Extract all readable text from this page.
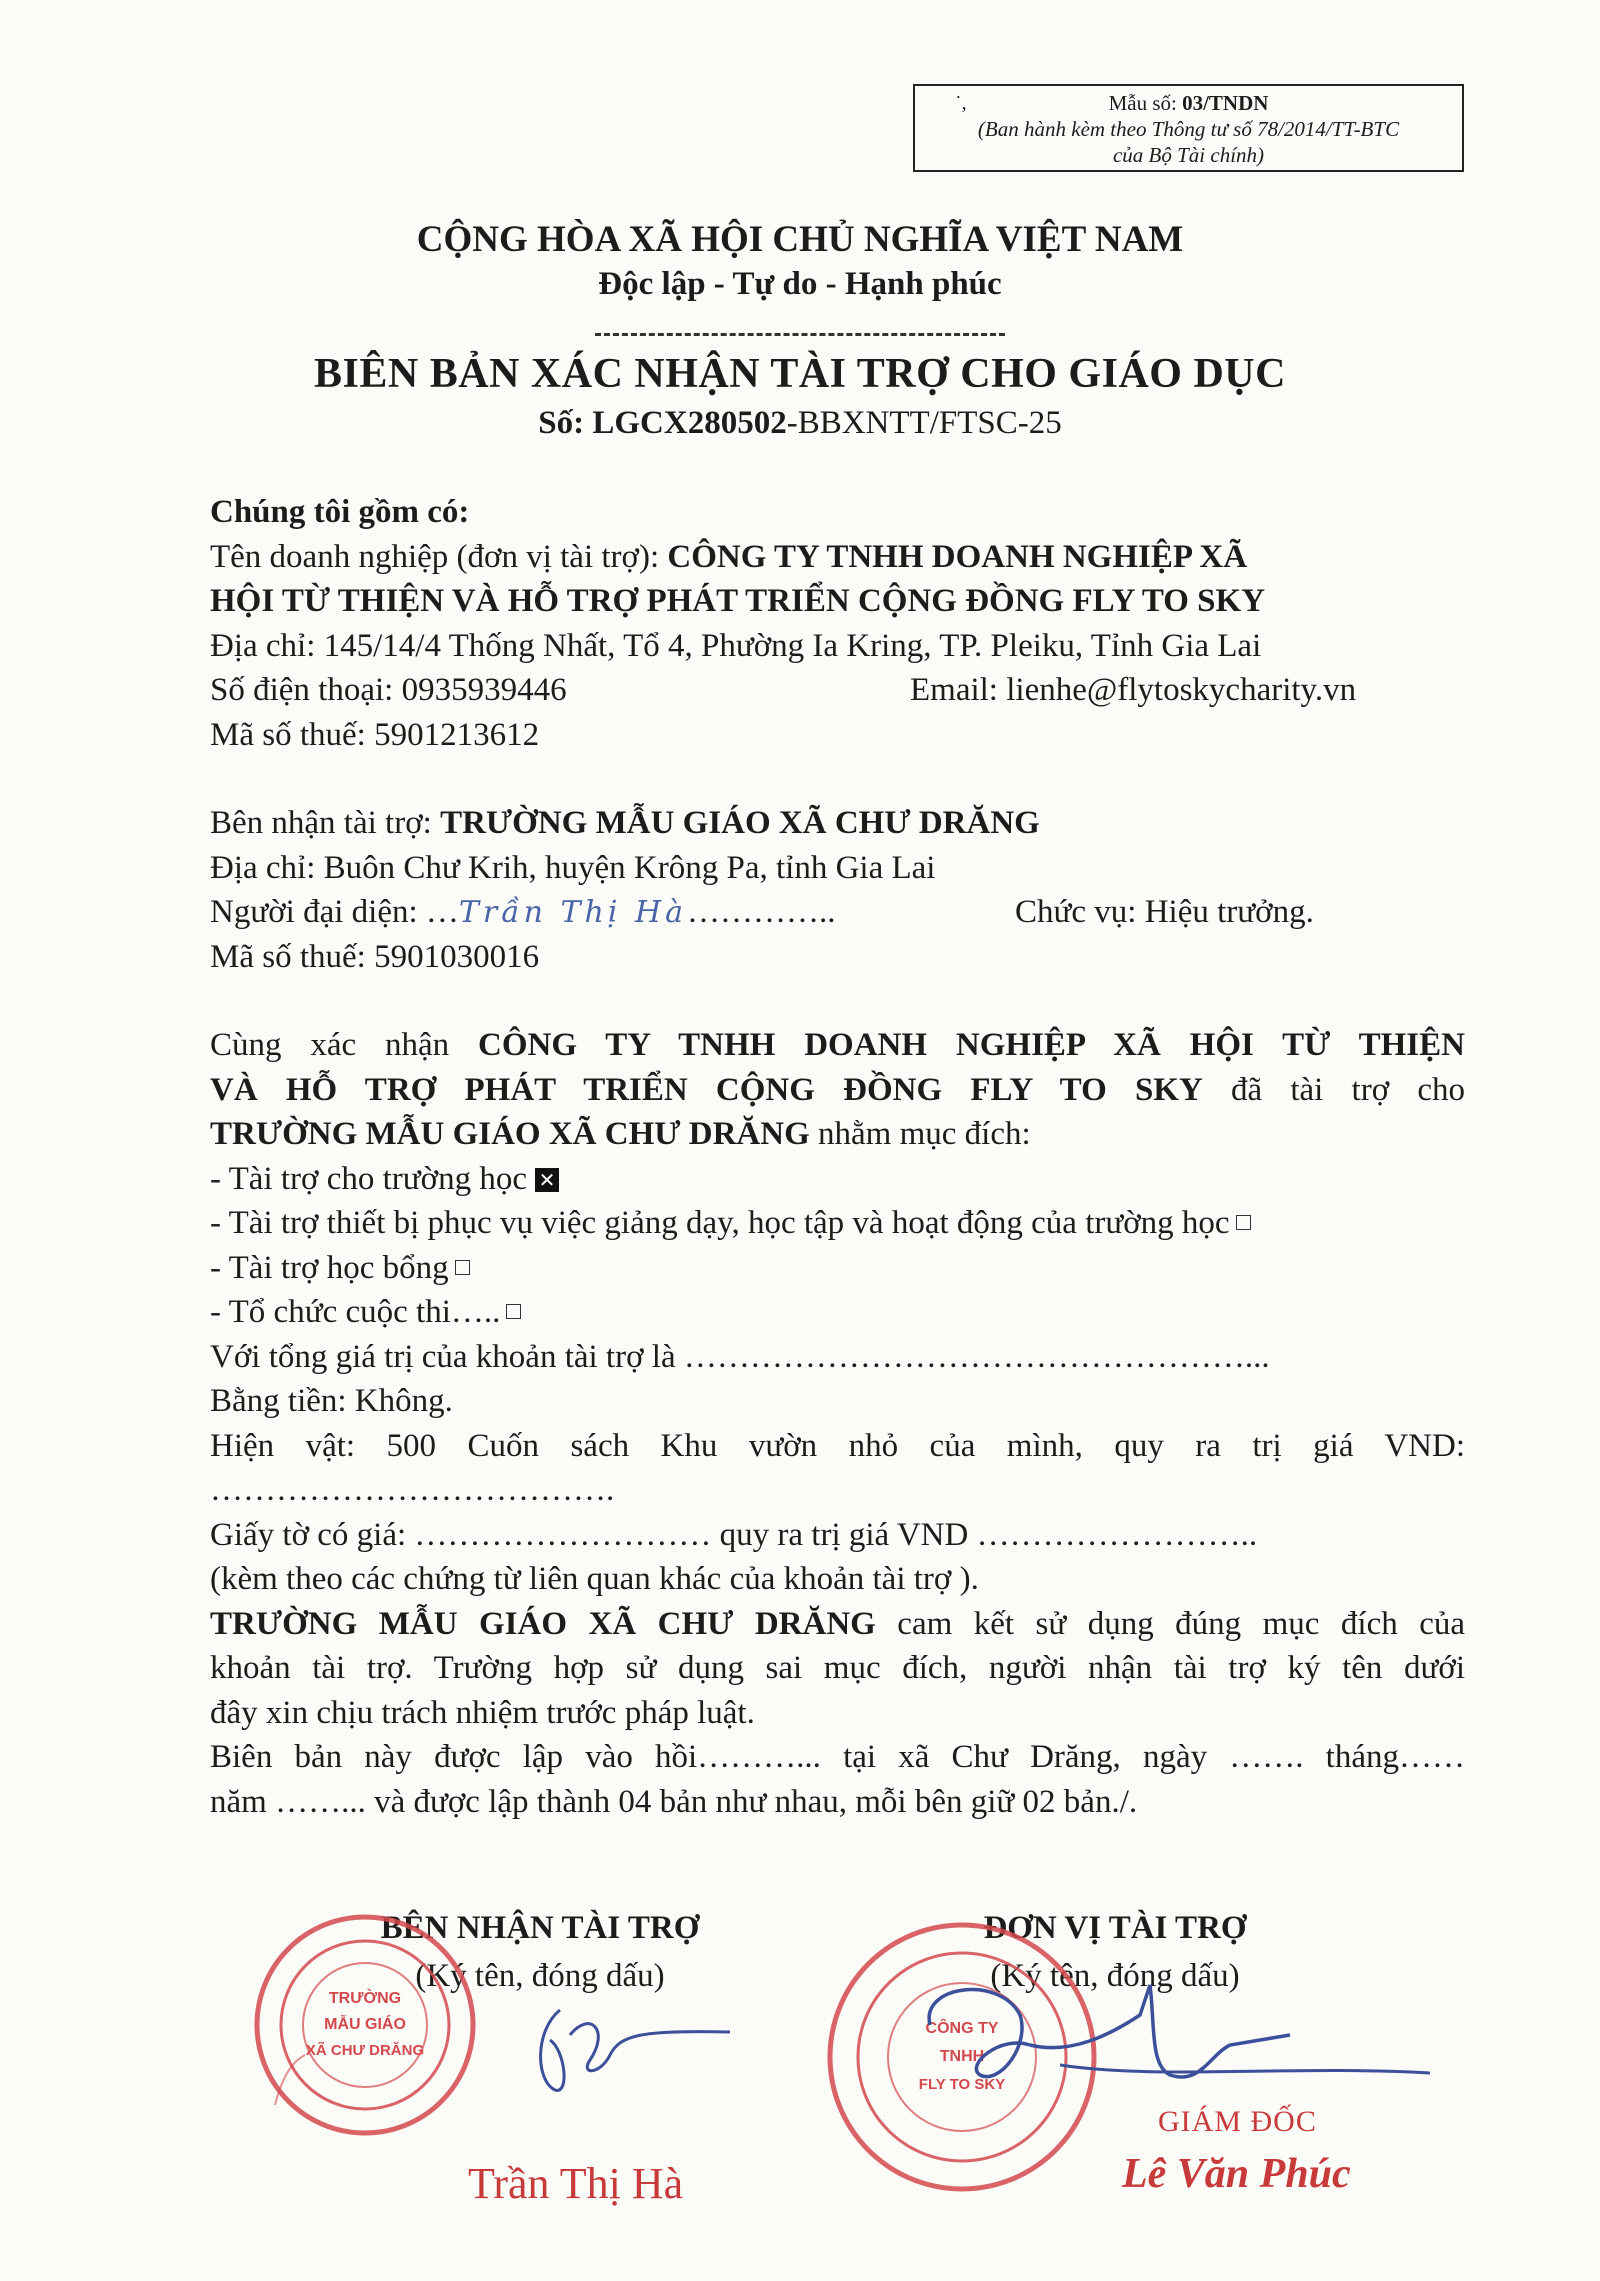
˙,	Mẫu số: 03/TNDN
(Ban hành kèm theo Thông tư số 78/2014/TT-BTC
của Bộ Tài chính)
CỘNG HÒA XÃ HỘI CHỦ NGHĨA VIỆT NAM
Độc lập - Tự do - Hạnh phúc
BIÊN BẢN XÁC NHẬN TÀI TRỢ CHO GIÁO DỤC
Số: LGCX280502-BBXNTT/FTSC-25
Chúng tôi gồm có:
Tên doanh nghiệp (đơn vị tài trợ): CÔNG TY TNHH DOANH NGHIỆP XÃ
HỘI TỪ THIỆN VÀ HỖ TRỢ PHÁT TRIỂN CỘNG ĐỒNG FLY TO SKY
Địa chỉ: 145/14/4 Thống Nhất, Tổ 4, Phường Ia Kring, TP. Pleiku, Tỉnh Gia Lai
Số điện thoại: 0935939446	Email: lienhe@flytoskycharity.vn
Mã số thuế: 5901213612
Bên nhận tài trợ: TRƯỜNG MẪU GIÁO XÃ CHƯ DRĂNG
Địa chỉ: Buôn Chư Krih, huyện Krông Pa, tỉnh Gia Lai
Người đại diện: …Trần Thị Hà…………..	Chức vụ: Hiệu trưởng.
Mã số thuế: 5901030016
Cùng xác nhận CÔNG TY TNHH DOANH NGHIỆP XÃ HỘI TỪ THIỆN
VÀ HỖ TRỢ PHÁT TRIỂN CỘNG ĐỒNG FLY TO SKY đã tài trợ cho
TRƯỜNG MẪU GIÁO XÃ CHƯ DRĂNG nhằm mục đích:
- Tài trợ cho trường học ✕
- Tài trợ thiết bị phục vụ việc giảng dạy, học tập và hoạt động của trường học
- Tài trợ học bổng
- Tổ chức cuộc thi…..
Với tổng giá trị của khoản tài trợ là ……………………………………………...
Bằng tiền: Không.
Hiện vật: 500 Cuốn sách Khu vườn nhỏ của mình, quy ra trị giá VND:
……………………………….
Giấy tờ có giá: ……………………… quy ra trị giá VND ……………………..
(kèm theo các chứng từ liên quan khác của khoản tài trợ ).
TRƯỜNG MẪU GIÁO XÃ CHƯ DRĂNG cam kết sử dụng đúng mục đích của
khoản tài trợ. Trường hợp sử dụng sai mục đích, người nhận tài trợ ký tên dưới
đây xin chịu trách nhiệm trước pháp luật.
Biên bản này được lập vào hồi………... tại xã Chư Drăng, ngày ……. tháng……
năm ……... và được lập thành 04 bản như nhau, mỗi bên giữ 02 bản./.
BÊN NHẬN TÀI TRỢ
(Ký tên, đóng dấu)
TRƯỜNG
MẪU GIÁO
XÃ CHƯ DRĂNG
Trần Thị Hà
ĐƠN VỊ TÀI TRỢ
(Ký tên, đóng dấu)
CÔNG TY
TNHH
FLY TO SKY
GIÁM ĐỐC
Lê Văn Phúc
